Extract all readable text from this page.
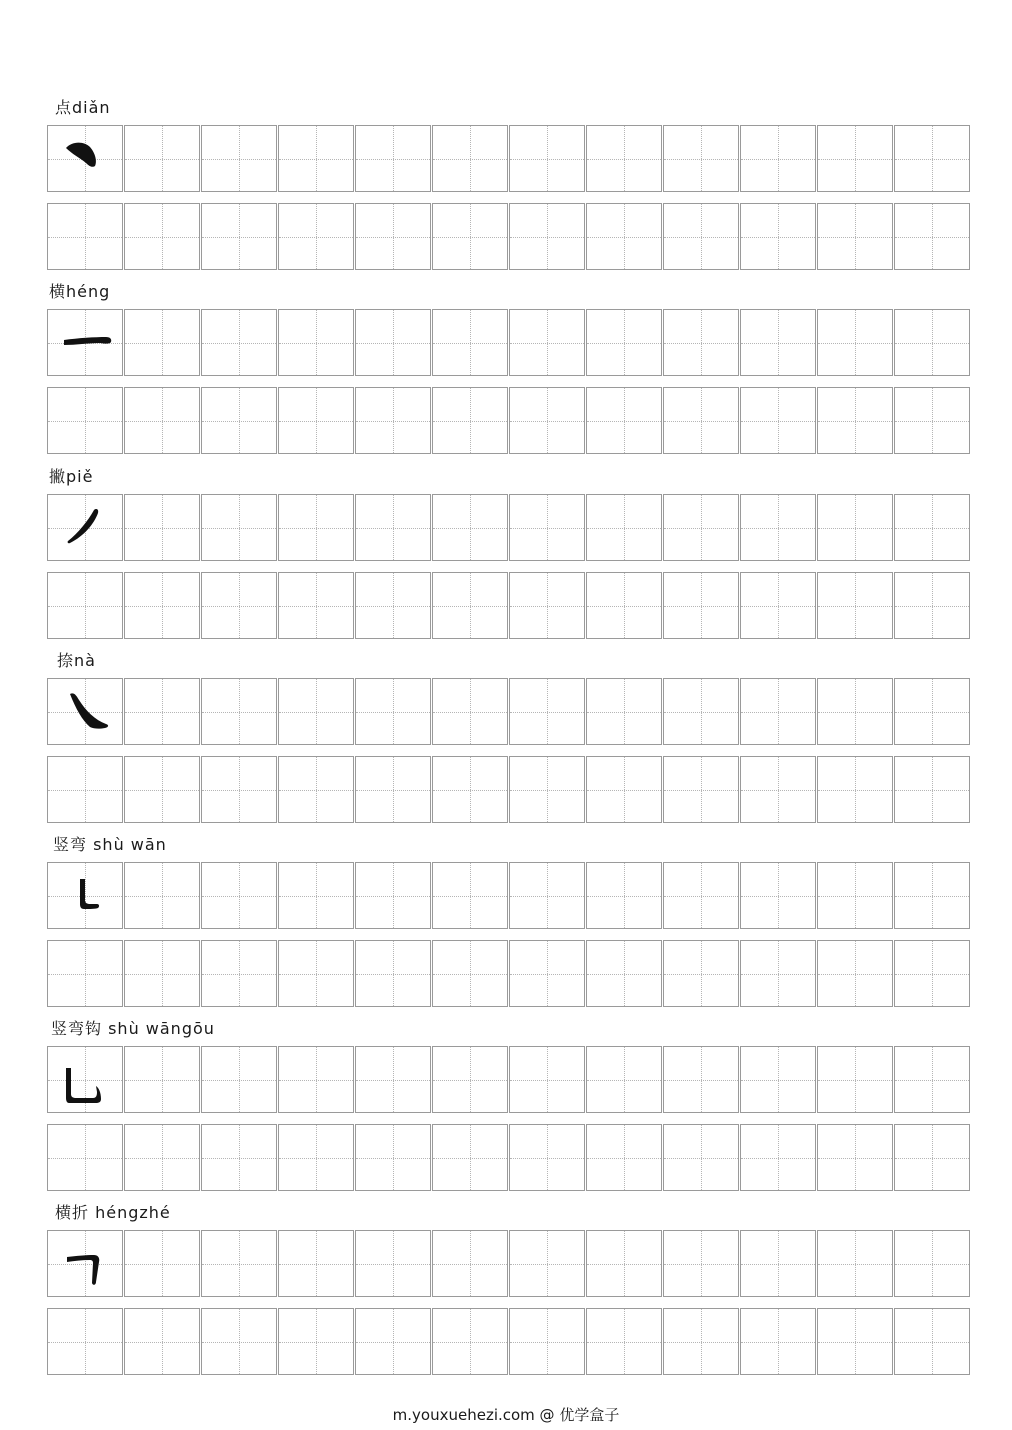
点diǎn
横héng
撇piě
捺nà
竖弯 shù wān
竖弯钩 shù wāngōu
横折 héngzhé
m.youxuehezi.com @ 优学盒子
